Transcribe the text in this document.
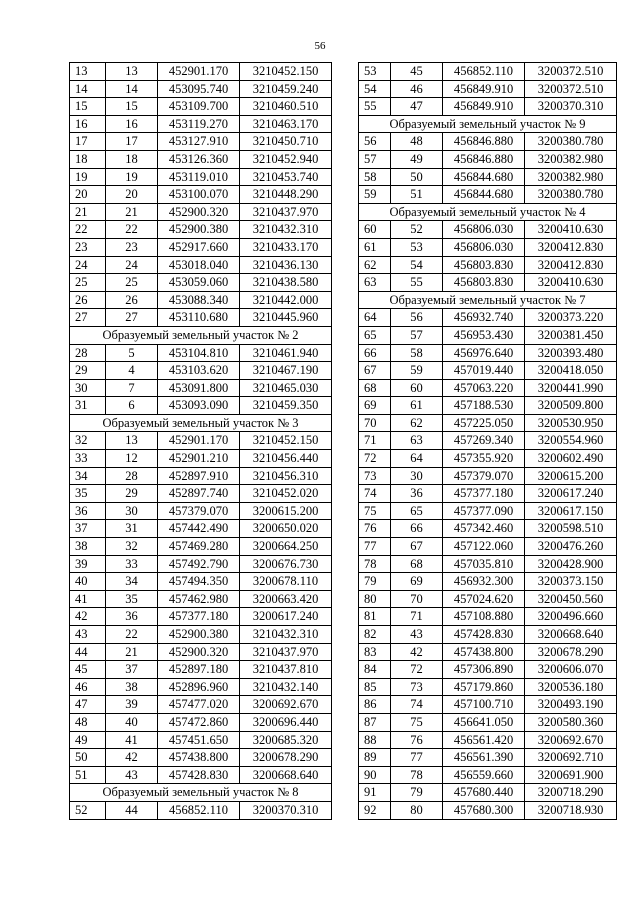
56
13	13	452901.170	3210452.150
14	14	453095.740	3210459.240
15	15	453109.700	3210460.510
16	16	453119.270	3210463.170
17	17	453127.910	3210450.710
18	18	453126.360	3210452.940
19	19	453119.010	3210453.740
20	20	453100.070	3210448.290
21	21	452900.320	3210437.970
22	22	452900.380	3210432.310
23	23	452917.660	3210433.170
24	24	453018.040	3210436.130
25	25	453059.060	3210438.580
26	26	453088.340	3210442.000
27	27	453110.680	3210445.960
Образуемый земельный участок № 2			
28	5	453104.810	3210461.940
29	4	453103.620	3210467.190
30	7	453091.800	3210465.030
31	6	453093.090	3210459.350
Образуемый земельный участок № 3			
32	13	452901.170	3210452.150
33	12	452901.210	3210456.440
34	28	452897.910	3210456.310
35	29	452897.740	3210452.020
36	30	457379.070	3200615.200
37	31	457442.490	3200650.020
38	32	457469.280	3200664.250
39	33	457492.790	3200676.730
40	34	457494.350	3200678.110
41	35	457462.980	3200663.420
42	36	457377.180	3200617.240
43	22	452900.380	3210432.310
44	21	452900.320	3210437.970
45	37	452897.180	3210437.810
46	38	452896.960	3210432.140
47	39	457477.020	3200692.670
48	40	457472.860	3200696.440
49	41	457451.650	3200685.320
50	42	457438.800	3200678.290
51	43	457428.830	3200668.640
Образуемый земельный участок № 8			
52	44	456852.110	3200370.310
53	45	456852.110	3200372.510
54	46	456849.910	3200372.510
55	47	456849.910	3200370.310
Образуемый земельный участок № 9			
56	48	456846.880	3200380.780
57	49	456846.880	3200382.980
58	50	456844.680	3200382.980
59	51	456844.680	3200380.780
Образуемый земельный участок № 4			
60	52	456806.030	3200410.630
61	53	456806.030	3200412.830
62	54	456803.830	3200412.830
63	55	456803.830	3200410.630
Образуемый земельный участок № 7			
64	56	456932.740	3200373.220
65	57	456953.430	3200381.450
66	58	456976.640	3200393.480
67	59	457019.440	3200418.050
68	60	457063.220	3200441.990
69	61	457188.530	3200509.800
70	62	457225.050	3200530.950
71	63	457269.340	3200554.960
72	64	457355.920	3200602.490
73	30	457379.070	3200615.200
74	36	457377.180	3200617.240
75	65	457377.090	3200617.150
76	66	457342.460	3200598.510
77	67	457122.060	3200476.260
78	68	457035.810	3200428.900
79	69	456932.300	3200373.150
80	70	457024.620	3200450.560
81	71	457108.880	3200496.660
82	43	457428.830	3200668.640
83	42	457438.800	3200678.290
84	72	457306.890	3200606.070
85	73	457179.860	3200536.180
86	74	457100.710	3200493.190
87	75	456641.050	3200580.360
88	76	456561.420	3200692.670
89	77	456561.390	3200692.710
90	78	456559.660	3200691.900
91	79	457680.440	3200718.290
92	80	457680.300	3200718.930
